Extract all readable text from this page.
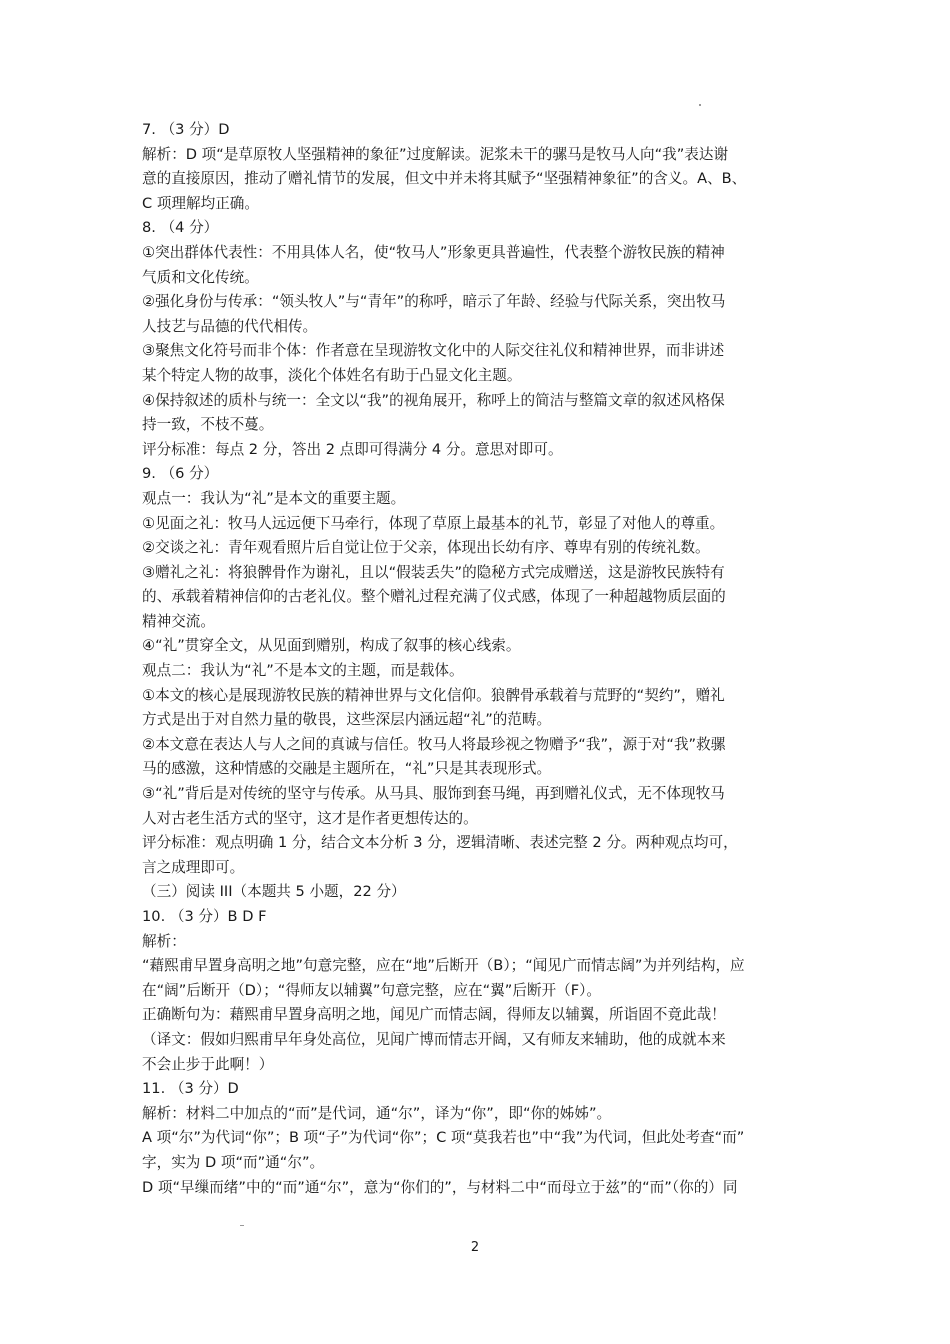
7. （3 分）D
解析：D 项“是草原牧人坚强精神的象征”过度解读。泥浆未干的骡马是牧马人向“我”表达谢
意的直接原因，推动了赠礼情节的发展，但文中并未将其赋予“坚强精神象征”的含义。A、B、
C 项理解均正确。
8. （4 分）
①突出群体代表性：不用具体人名，使“牧马人”形象更具普遍性，代表整个游牧民族的精神
气质和文化传统。
②强化身份与传承：“领头牧人”与“青年”的称呼，暗示了年龄、经验与代际关系，突出牧马
人技艺与品德的代代相传。
③聚焦文化符号而非个体：作者意在呈现游牧文化中的人际交往礼仪和精神世界，而非讲述
某个特定人物的故事，淡化个体姓名有助于凸显文化主题。
④保持叙述的质朴与统一：全文以“我”的视角展开，称呼上的简洁与整篇文章的叙述风格保
持一致，不枝不蔓。
评分标准：每点 2 分，答出 2 点即可得满分 4 分。意思对即可。
9. （6 分）
观点一：我认为“礼”是本文的重要主题。
①见面之礼：牧马人远远便下马牵行，体现了草原上最基本的礼节，彰显了对他人的尊重。
②交谈之礼：青年观看照片后自觉让位于父亲，体现出长幼有序、尊卑有别的传统礼数。
③赠礼之礼：将狼髀骨作为谢礼，且以“假装丢失”的隐秘方式完成赠送，这是游牧民族特有
的、承载着精神信仰的古老礼仪。整个赠礼过程充满了仪式感，体现了一种超越物质层面的
精神交流。
④“礼”贯穿全文，从见面到赠别，构成了叙事的核心线索。
观点二：我认为“礼”不是本文的主题，而是载体。
①本文的核心是展现游牧民族的精神世界与文化信仰。狼髀骨承载着与荒野的“契约”，赠礼
方式是出于对自然力量的敬畏，这些深层内涵远超“礼”的范畴。
②本文意在表达人与人之间的真诚与信任。牧马人将最珍视之物赠予“我”，源于对“我”救骡
马的感激，这种情感的交融是主题所在，“礼”只是其表现形式。
③“礼”背后是对传统的坚守与传承。从马具、服饰到套马绳，再到赠礼仪式，无不体现牧马
人对古老生活方式的坚守，这才是作者更想传达的。
评分标准：观点明确 1 分，结合文本分析 3 分，逻辑清晰、表述完整 2 分。两种观点均可，
言之成理即可。
（三）阅读 III（本题共 5 小题，22 分）
10. （3 分）B D F
解析：
“藉熙甫早置身高明之地”句意完整，应在“地”后断开（B）；“闻见广而情志阔”为并列结构，应
在“阔”后断开（D）；“得师友以辅翼”句意完整，应在“翼”后断开（F）。
正确断句为：藉熙甫早置身高明之地，闻见广而情志阔，得师友以辅翼，所诣固不竟此哉！
（译文：假如归熙甫早年身处高位，见闻广博而情志开阔，又有师友来辅助，他的成就本来
不会止步于此啊！）
11. （3 分）D
解析：材料二中加点的“而”是代词，通“尔”，译为“你”，即“你的姊姊”。
A 项“尔”为代词“你”；B 项“子”为代词“你”；C 项“莫我若也”中“我”为代词，但此处考查“而”
字，实为 D 项“而”通“尔”。
D 项“早缫而绪”中的“而”通“尔”，意为“你们的”，与材料二中“而母立于兹”的“而”（你的）同
2
